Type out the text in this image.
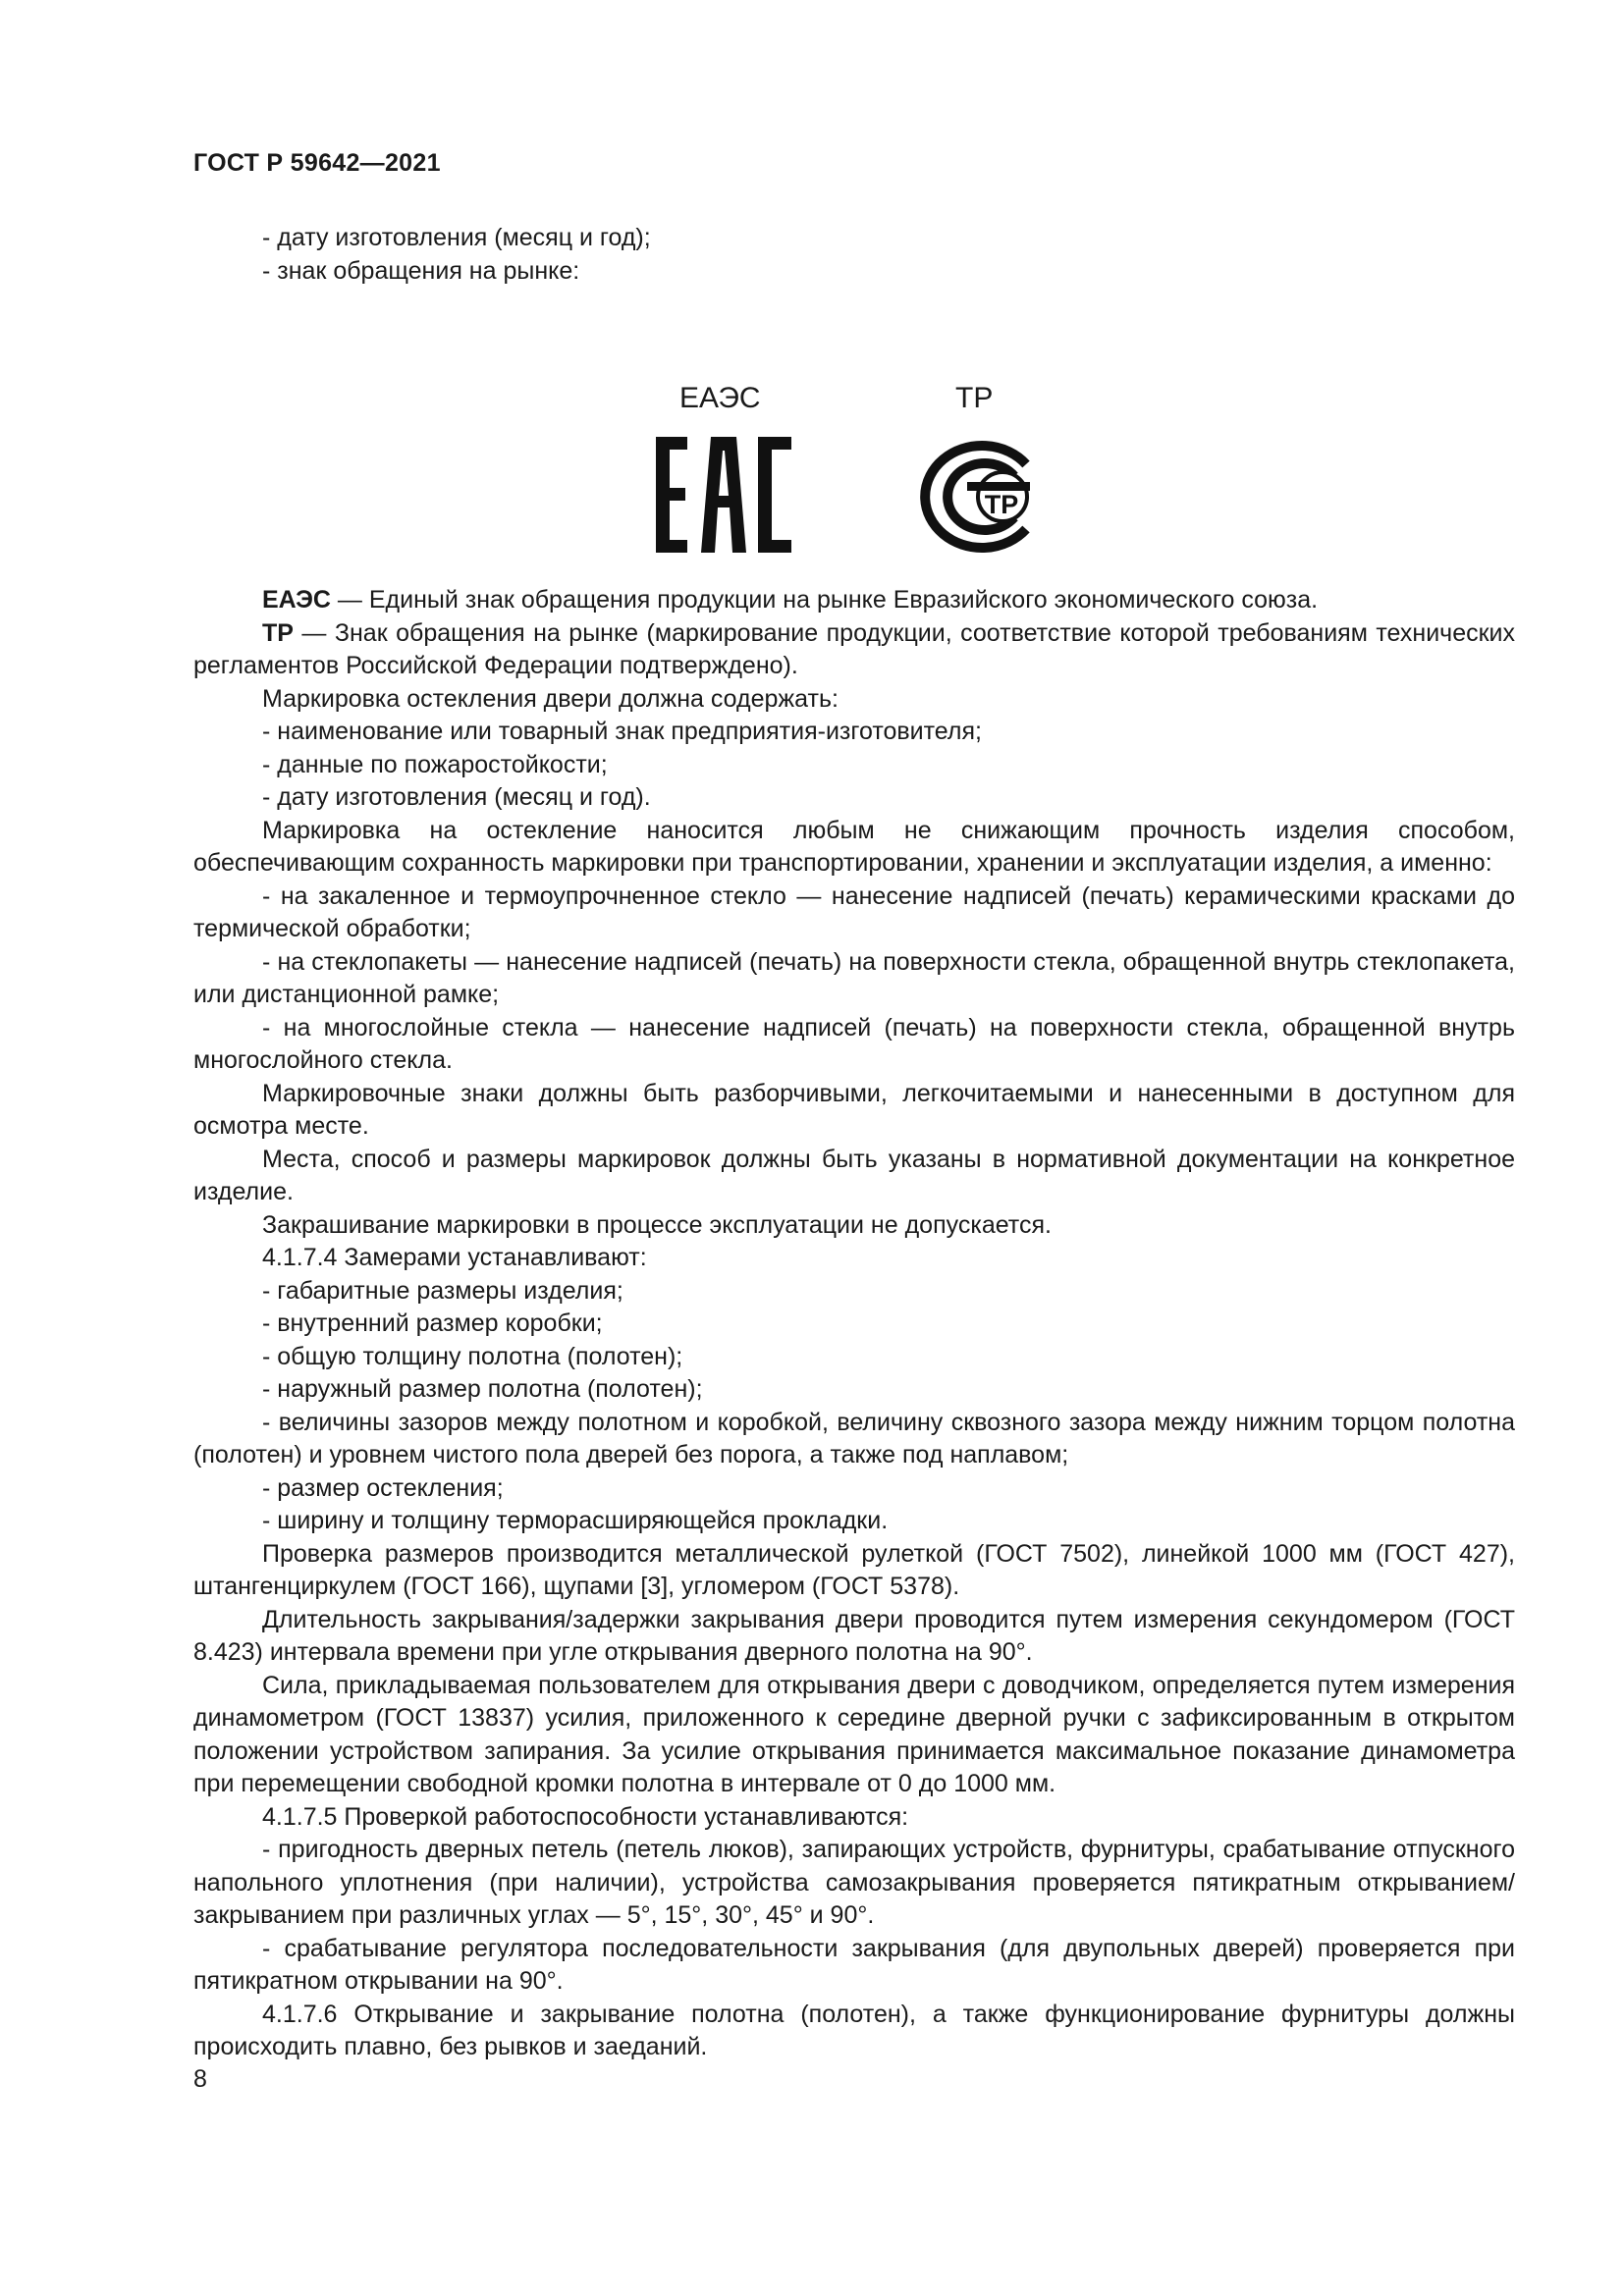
ГОСТ Р 59642—2021

- дату изготовления (месяц и год);

- знак обращения на рынке:

ЕАЭС	ТР
ТР

ЕАЭС — Единый знак обращения продукции на рынке Евразийского экономического союза.

ТР — Знак обращения на рынке (маркирование продукции, соответствие которой требованиям технических регламентов Российской Федерации подтверждено).

Маркировка остекления двери должна содержать:

- наименование или товарный знак предприятия-изготовителя;

- данные по пожаростойкости;

- дату изготовления (месяц и год).

Маркировка на остекление наносится любым не снижающим прочность изделия способом, обеспечивающим сохранность маркировки при транспортировании, хранении и эксплуатации изделия, а именно:

- на закаленное и термоупрочненное стекло — нанесение надписей (печать) керамическими красками до термической обработки;

- на стеклопакеты — нанесение надписей (печать) на поверхности стекла, обращенной внутрь стеклопакета, или дистанционной рамке;

- на многослойные стекла — нанесение надписей (печать) на поверхности стекла, обращенной внутрь многослойного стекла.

Маркировочные знаки должны быть разборчивыми, легкочитаемыми и нанесенными в доступном для осмотра месте.

Места, способ и размеры маркировок должны быть указаны в нормативной документации на конкретное изделие.

Закрашивание маркировки в процессе эксплуатации не допускается.

4.1.7.4 Замерами устанавливают:

- габаритные размеры изделия;

- внутренний размер коробки;

- общую толщину полотна (полотен);

- наружный размер полотна (полотен);

- величины зазоров между полотном и коробкой, величину сквозного зазора между нижним торцом полотна (полотен) и уровнем чистого пола дверей без порога, а также под наплавом;

- размер остекления;

- ширину и толщину терморасширяющейся прокладки.

Проверка размеров производится металлической рулеткой (ГОСТ 7502), линейкой 1000 мм (ГОСТ 427), штангенциркулем (ГОСТ 166), щупами [3], угломером (ГОСТ 5378).

Длительность закрывания/задержки закрывания двери проводится путем измерения секундомером (ГОСТ 8.423) интервала времени при угле открывания дверного полотна на 90°.

Сила, прикладываемая пользователем для открывания двери с доводчиком, определяется путем измерения динамометром (ГОСТ 13837) усилия, приложенного к середине дверной ручки с зафиксированным в открытом положении устройством запирания. За усилие открывания принимается максимальное показание динамометра при перемещении свободной кромки полотна в интервале от 0 до 1000 мм.

4.1.7.5 Проверкой работоспособности устанавливаются:

- пригодность дверных петель (петель люков), запирающих устройств, фурнитуры, срабатывание отпускного напольного уплотнения (при наличии), устройства самозакрывания проверяется пятикратным открыванием/закрыванием при различных углах — 5°, 15°, 30°, 45° и 90°.

- срабатывание регулятора последовательности закрывания (для двупольных дверей) проверяется при пятикратном открывании на 90°.

4.1.7.6 Открывание и закрывание полотна (полотен), а также функционирование фурнитуры должны происходить плавно, без рывков и заеданий.

8
